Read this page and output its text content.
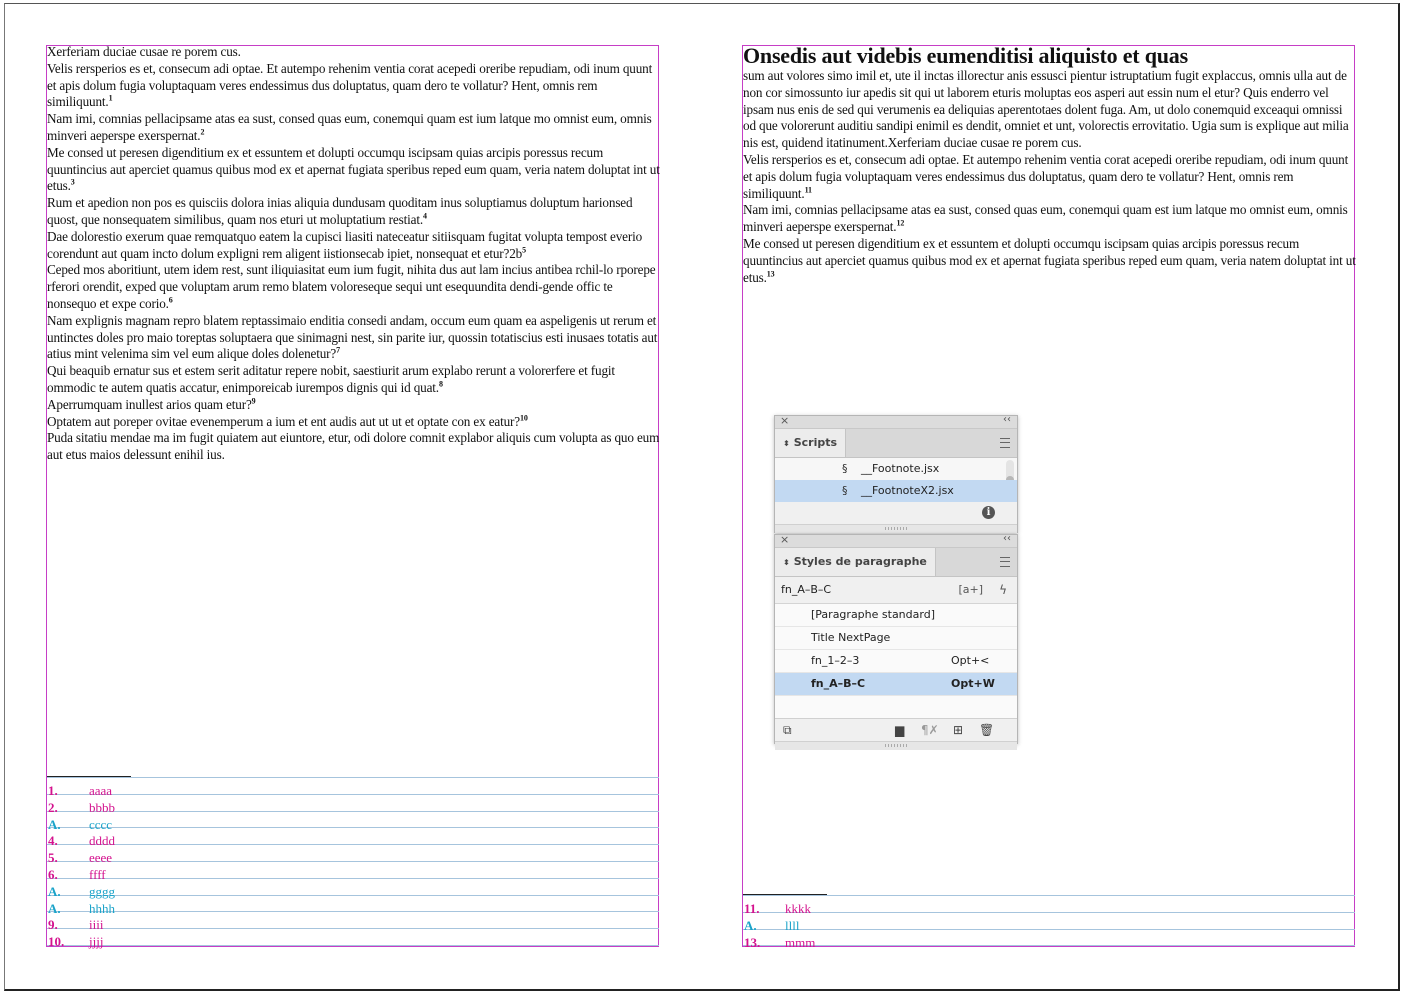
Xerferiam duciae cusae re porem cus.

Velis rersperios es et, consecum adi optae. Et autempo rehenim ventia corat acepedi oreribe repudiam, odi inum quunt et apis dolum fugia voluptaquam veres endessimus dus doluptatus, quam dero te vollatur? Hent, omnis rem similiquunt.$^1$

Nam imi, comnias pellacipsame atas ea sust, consed quas eum, conemqui quam est ium latque mo omnist eum, omnis minveri aeperspe exerspernat.$^2$

Me consed ut peresen digenditium ex et essuntem et dolupti occumqu iscipsam quias arcipis poressus recum quuntincius aut aperciet quamus quibus mod ex et apernat fugiata speribus reped eum quam, veria natem doluptat int ut etus.$^3$

Rum et apedion non pos es quisciis dolora inias aliquia dundusam quoditam inus soluptiamus doluptum harionsed quost, que nonsequatem similibus, quam nos eturi ut moluptatium restiat.$^4$

Dae dolorestio exerum quae remquatquo eatem la cupisci liasiti nateceatur sitiisquam fugitat volupta tempost everio corendunt aut quam incto dolum expligni rem aligent iistionsecab ipiet, nonsequat et etur?2b$^5$

Ceped mos aboritiunt, utem idem rest, sunt iliquiasitat eum ium fugit, nihita dus aut lam incius antibea rchil-lo rporepe rferori orendit, exped que voluptam arum remo blatem voloreseque sequi unt esequundita dendi-gende offic te nonsequo et expe corio.$^6$

Nam explignis magnam repro blatem reptassimaio enditia consedi andam, occum eum quam ea aspeligenis ut rerum et untinctes doles pro maio toreptas soluptaera que sinimagni nest, sin parite iur, quossin totatiscius esti inusaes totatis aut atius mint velenima sim vel eum alique doles dolenetur?$^7$

Qui beaquib ernatur sus et estem serit aditatur repere nobit, saestiurit arum explabo rerunt a volorerfere et fugit ommodic te autem quatis accatur, enimporeicab iurempos dignis qui id quat.$^8$

Aperrumquam inullest arios quam etur?$^9$

Optatem aut poreper ovitae evenemperum a ium et ent audis aut ut ut et optate con ex eatur?$^{10}$

Puda sitatiu mendae ma im fugit quiatem aut eiuntore, etur, odi dolore comnit explabor aliquis cum volupta as quo eum aut etus maios delessunt enihil ius.

1. aaaa
2. bbbb
A. cccc
4. dddd
5. eeee
6. ffff
A. gggg
A. hhhh
9. iiii
10. jjjj
Onsedis aut videbis eumenditisi aliquisto et quas

sum aut volores simo imil et, ute il inctas illorectur anis essusci pientur istruptatium fugit explaccus, omnis ulla aut de non cor simossunto iur apedis sit qui ut laborem eturis moluptas eos asperi aut essin num el etur? Quis enderro vel ipsam nus enis de sed qui verumenis ea deliquias aperentotaes dolent fuga. Am, ut dolo conemquid exceaqui omnissi od que volorerunt auditiu sandipi enimil es dendit, omniet et unt, volorectis errovitatio. Ugia sum is explique aut milia nis est, quidend itatinument.Xerferiam duciae cusae re porem cus.

Velis rersperios es et, consecum adi optae. Et autempo rehenim ventia corat acepedi oreribe repudiam, odi inum quunt et apis dolum fugia voluptaquam veres endessimus dus doluptatus, quam dero te vollatur? Hent, omnis rem similiquunt.$^{11}$

Nam imi, comnias pellacipsame atas ea sust, consed quas eum, conemqui quam est ium latque mo omnist eum, omnis minveri aeperspe exerspernat.$^{12}$

Me consed ut peresen digenditium ex et essuntem et dolupti occumqu iscipsam quias arcipis poressus recum quuntincius aut aperciet quamus quibus mod ex et apernat fugiata speribus reped eum quam, veria natem doluptat int ut etus.$^{13}$

11. kkkk
A. llll
13. mmm
×	‹‹
⬍ Scripts
§ __Footnote.jsx
§ __FootnoteX2.jsx
i
×	‹‹
⬍ Styles de paragraphe
fn_A–B–C	[a+] ϟ
[Paragraphe standard]
Title NextPage
fn_1–2–3	Opt+<
fn_A–B–C	Opt+W
⧉	▆ ¶✗ ⊞ 🗑
